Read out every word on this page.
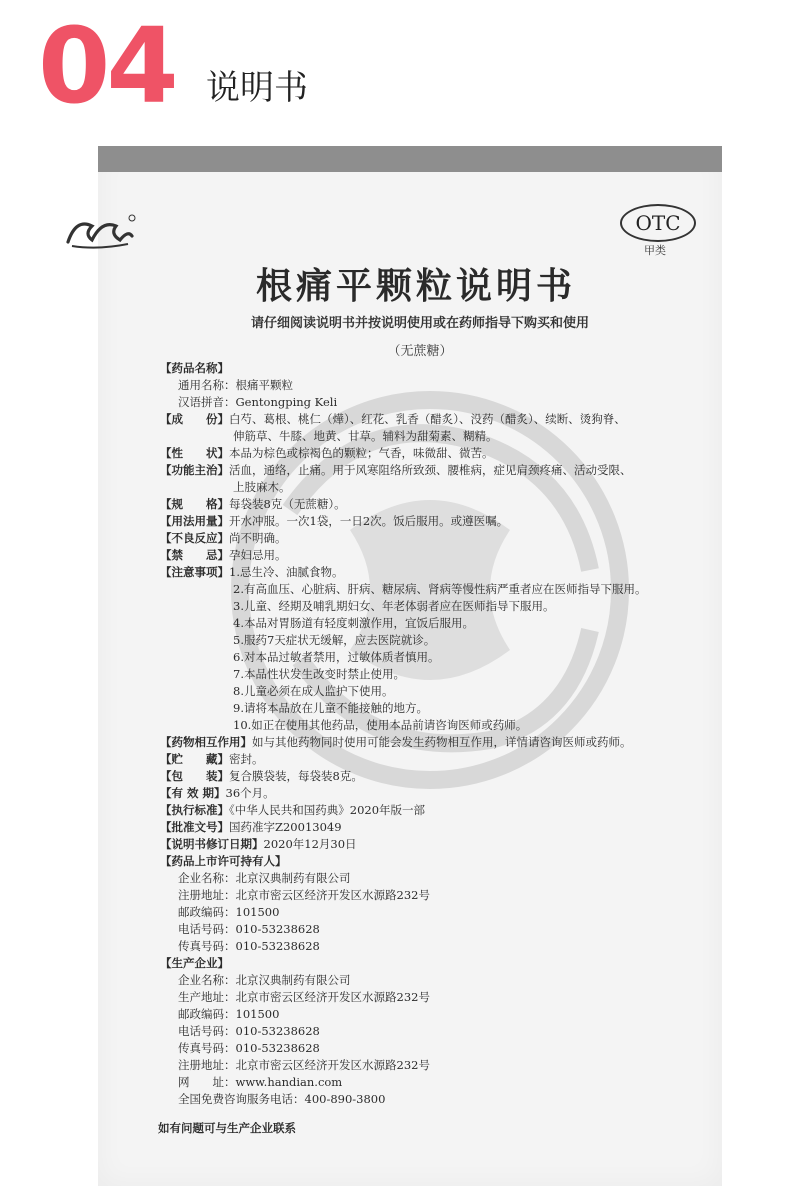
04 说明书
OTC
甲类
根痛平颗粒说明书
请仔细阅读说明书并按说明使用或在药师指导下购买和使用
（无蔗糖）
【药品名称】
通用名称：根痛平颗粒
汉语拼音：Gentongping Keli
【成　　份】白芍、葛根、桃仁（燁）、红花、乳香（醋炙）、没药（醋炙）、续断、烫狗脊、
伸筋草、牛膝、地黄、甘草。辅料为甜菊素、糊精。
【性　　状】本品为棕色或棕褐色的颗粒；气香，味微甜、微苦。
【功能主治】活血，通络，止痛。用于风寒阻络所致颈、腰椎病，症见肩颈疼痛、活动受限、
上肢麻木。
【规　　格】每袋装8克（无蔗糖）。
【用法用量】开水冲服。一次1袋，一日2次。饭后服用。或遵医嘱。
【不良反应】尚不明确。
【禁　　忌】孕妇忌用。
【注意事项】1.忌生冷、油腻食物。
2.有高血压、心脏病、肝病、糖尿病、肾病等慢性病严重者应在医师指导下服用。
3.儿童、经期及哺乳期妇女、年老体弱者应在医师指导下服用。
4.本品对胃肠道有轻度刺激作用，宜饭后服用。
5.服药7天症状无缓解，应去医院就诊。
6.对本品过敏者禁用，过敏体质者慎用。
7.本品性状发生改变时禁止使用。
8.儿童必须在成人监护下使用。
9.请将本品放在儿童不能接触的地方。
10.如正在使用其他药品，使用本品前请咨询医师或药师。
【药物相互作用】如与其他药物同时使用可能会发生药物相互作用，详情请咨询医师或药师。
【贮　　藏】密封。
【包　　装】复合膜袋装，每袋装8克。
【有 效 期】36个月。
【执行标准】《中华人民共和国药典》2020年版一部
【批准文号】国药准字Z20013049
【说明书修订日期】2020年12月30日
【药品上市许可持有人】
企业名称：北京汉典制药有限公司
注册地址：北京市密云区经济开发区水源路232号
邮政编码：101500
电话号码：010-53238628
传真号码：010-53238628
【生产企业】
企业名称：北京汉典制药有限公司
生产地址：北京市密云区经济开发区水源路232号
邮政编码：101500
电话号码：010-53238628
传真号码：010-53238628
注册地址：北京市密云区经济开发区水源路232号
网　　址：www.handian.com
全国免费咨询服务电话：400-890-3800
如有问题可与生产企业联系
